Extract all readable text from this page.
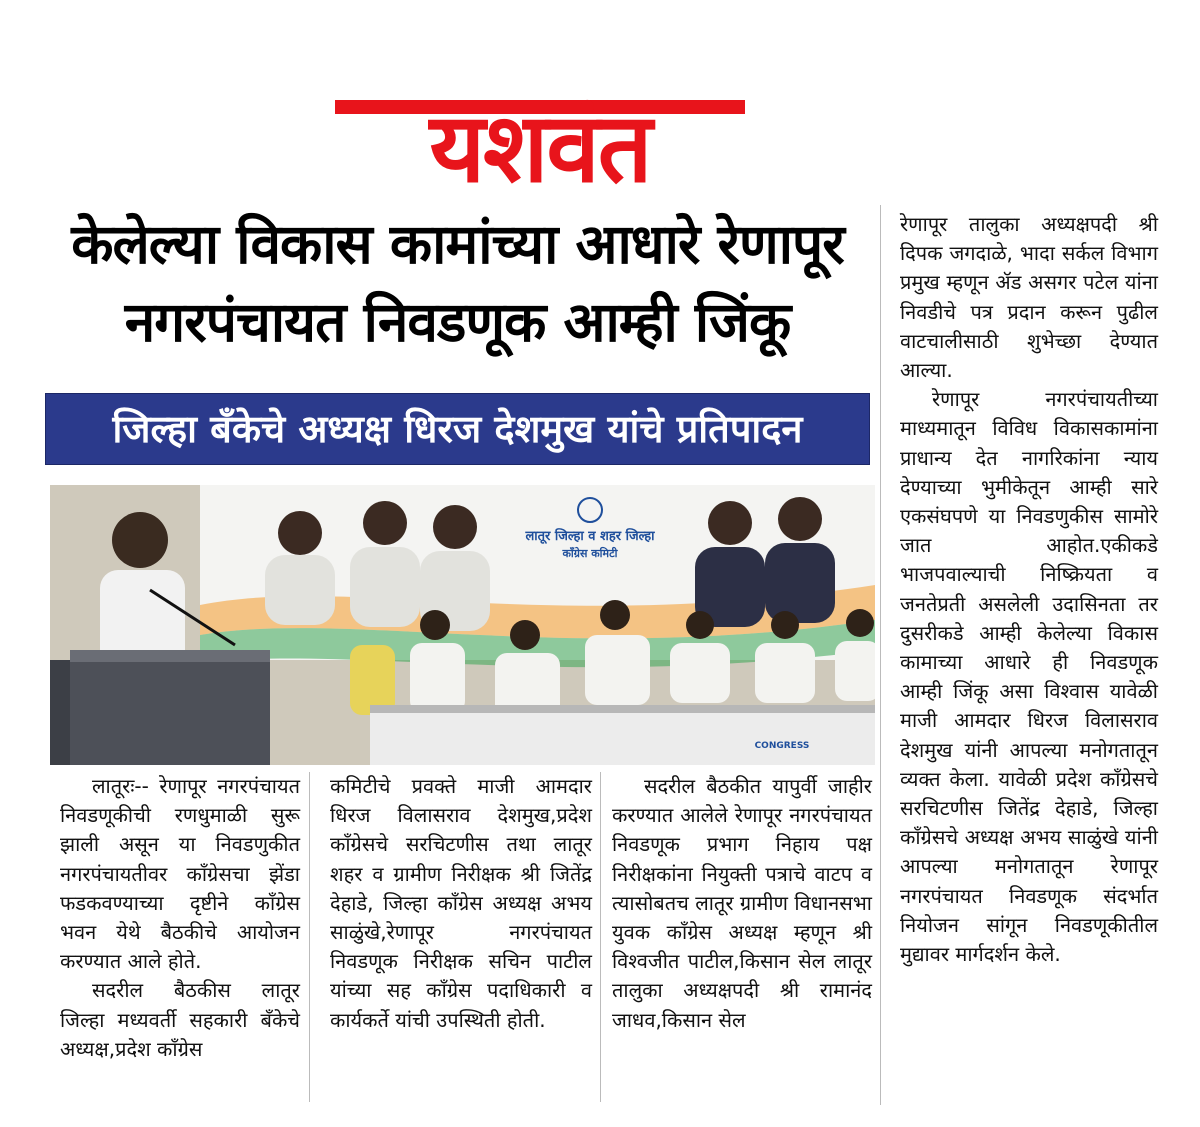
यशवंत
केलेल्या विकास कामांच्या आधारे रेणापूर
नगरपंचायत निवडणूक आम्ही जिंकू
जिल्हा बँकेचे अध्यक्ष धिरज देशमुख यांचे प्रतिपादन
लातूर जिल्हा व शहर जिल्हा
कॉंग्रेस कमिटी
CONGRESS

लातूरः-- रेणापूर नगरपंचायत निवडणूकीची रणधुमाळी सुरू झाली असून या निवडणुकीत नगरपंचायतीवर काँग्रेसचा झेंडा फडकवण्याच्या दृष्टीने काँग्रेस भवन येथे बैठकीचे आयोजन करण्यात आले होते.

सदरील बैठकीस लातूर जिल्हा मध्यवर्ती सहकारी बँकेचे अध्यक्ष,प्रदेश काँग्रेस

कमिटीचे प्रवक्ते माजी आमदार धिरज विलासराव देशमुख,प्रदेश काँग्रेसचे सरचिटणीस तथा लातूर शहर व ग्रामीण निरीक्षक श्री जितेंद्र देहाडे, जिल्हा काँग्रेस अध्यक्ष अभय साळुंखे,रेणापूर नगरपंचायत निवडणूक निरीक्षक सचिन पाटील यांच्या सह काँग्रेस पदाधिकारी व कार्यकर्ते यांची उपस्थिती होती.

सदरील बैठकीत यापुर्वी जाहीर करण्यात आलेले रेणापूर नगरपंचायत निवडणूक प्रभाग निहाय पक्ष निरीक्षकांना नियुक्ती पत्राचे वाटप व त्यासोबतच लातूर ग्रामीण विधानसभा युवक काँग्रेस अध्यक्ष म्हणून श्री विश्वजीत पाटील,किसान सेल लातूर तालुका अध्यक्षपदी श्री रामानंद जाधव,किसान सेल

रेणापूर तालुका अध्यक्षपदी श्री दिपक जगदाळे, भादा सर्कल विभाग प्रमुख म्हणून ॲड असगर पटेल यांना निवडीचे पत्र प्रदान करून पुढील वाटचालीसाठी शुभेच्छा देण्यात आल्या.

रेणापूर नगरपंचायतीच्या माध्यमातून विविध विकासकामांना प्राधान्य देत नागरिकांना न्याय देण्याच्या भुमीकेतून आम्ही सारे एकसंघपणे या निवडणुकीस सामोरे जात आहोत.एकीकडे भाजपवाल्याची निष्क्रियता व जनतेप्रती असलेली उदासिनता तर दुसरीकडे आम्ही केलेल्या विकास कामाच्या आधारे ही निवडणूक आम्ही जिंकू असा विश्वास यावेळी माजी आमदार धिरज विलासराव देशमुख यांनी आपल्या मनोगतातून व्यक्त केला. यावेळी प्रदेश काँग्रेसचे सरचिटणीस जितेंद्र देहाडे, जिल्हा काँग्रेसचे अध्यक्ष अभय साळुंखे यांनी आपल्या मनोगतातून रेणापूर नगरपंचायत निवडणूक संदर्भात नियोजन सांगून निवडणूकीतील मुद्यावर मार्गदर्शन केले.
